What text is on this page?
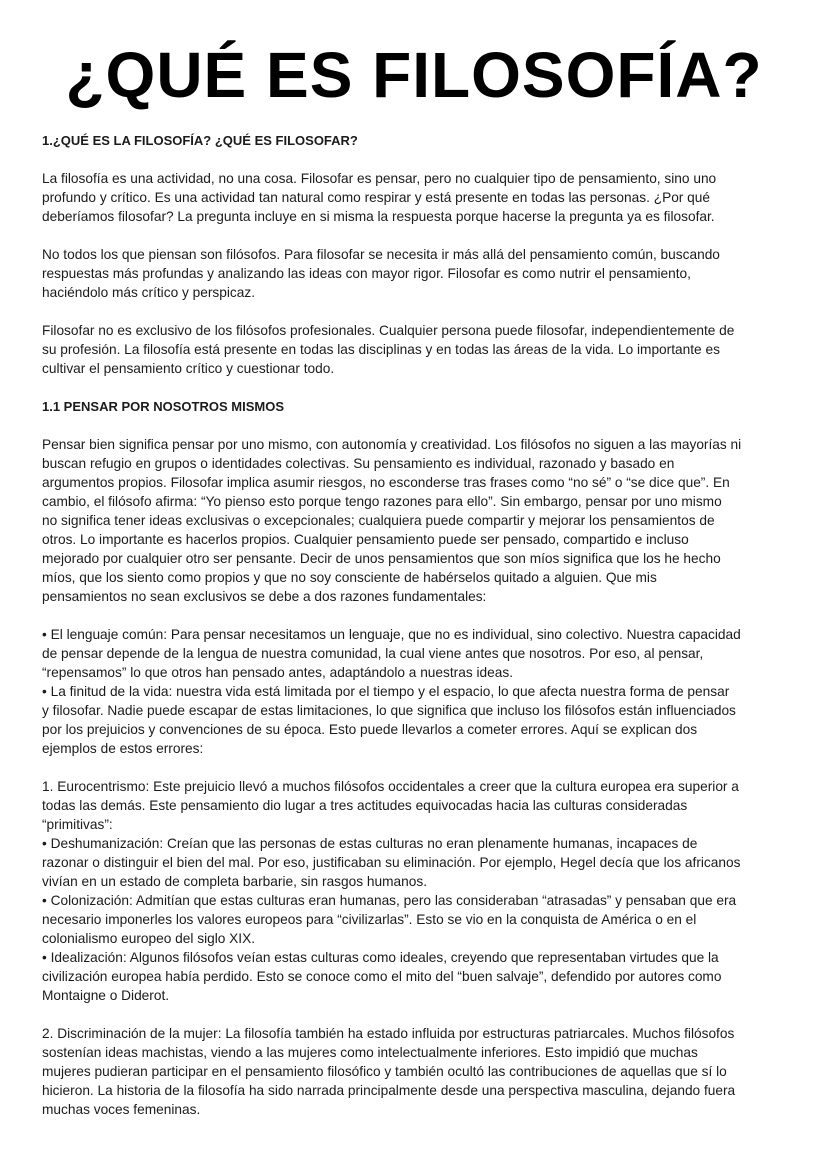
¿QUÉ ES FILOSOFÍA?
1.¿QUÉ ES LA FILOSOFÍA? ¿QUÉ ES FILOSOFAR?
La filosofía es una actividad, no una cosa. Filosofar es pensar, pero no cualquier tipo de pensamiento, sino uno
profundo y crítico. Es una actividad tan natural como respirar y está presente en todas las personas. ¿Por qué
deberíamos filosofar? La pregunta incluye en si misma la respuesta porque hacerse la pregunta ya es filosofar.
No todos los que piensan son filósofos. Para filosofar se necesita ir más allá del pensamiento común, buscando
respuestas más profundas y analizando las ideas con mayor rigor. Filosofar es como nutrir el pensamiento,
haciéndolo más crítico y perspicaz.
Filosofar no es exclusivo de los filósofos profesionales. Cualquier persona puede filosofar, independientemente de
su profesión. La filosofía está presente en todas las disciplinas y en todas las áreas de la vida. Lo importante es
cultivar el pensamiento crítico y cuestionar todo.
1.1 PENSAR POR NOSOTROS MISMOS
Pensar bien significa pensar por uno mismo, con autonomía y creatividad. Los filósofos no siguen a las mayorías ni
buscan refugio en grupos o identidades colectivas. Su pensamiento es individual, razonado y basado en
argumentos propios. Filosofar implica asumir riesgos, no esconderse tras frases como “no sé” o “se dice que”. En
cambio, el filósofo afirma: “Yo pienso esto porque tengo razones para ello”. Sin embargo, pensar por uno mismo
no significa tener ideas exclusivas o excepcionales; cualquiera puede compartir y mejorar los pensamientos de
otros. Lo importante es hacerlos propios. Cualquier pensamiento puede ser pensado, compartido e incluso
mejorado por cualquier otro ser pensante. Decir de unos pensamientos que son míos significa que los he hecho
míos, que los siento como propios y que no soy consciente de habérselos quitado a alguien. Que mis
pensamientos no sean exclusivos se debe a dos razones fundamentales:
• El lenguaje común: Para pensar necesitamos un lenguaje, que no es individual, sino colectivo. Nuestra capacidad
de pensar depende de la lengua de nuestra comunidad, la cual viene antes que nosotros. Por eso, al pensar,
“repensamos” lo que otros han pensado antes, adaptándolo a nuestras ideas.
• La finitud de la vida: nuestra vida está limitada por el tiempo y el espacio, lo que afecta nuestra forma de pensar
y filosofar. Nadie puede escapar de estas limitaciones, lo que significa que incluso los filósofos están influenciados
por los prejuicios y convenciones de su época. Esto puede llevarlos a cometer errores. Aquí se explican dos
ejemplos de estos errores:
1. Eurocentrismo: Este prejuicio llevó a muchos filósofos occidentales a creer que la cultura europea era superior a
todas las demás. Este pensamiento dio lugar a tres actitudes equivocadas hacia las culturas consideradas
“primitivas”:
• Deshumanización: Creían que las personas de estas culturas no eran plenamente humanas, incapaces de
razonar o distinguir el bien del mal. Por eso, justificaban su eliminación. Por ejemplo, Hegel decía que los africanos
vivían en un estado de completa barbarie, sin rasgos humanos.
• Colonización: Admitían que estas culturas eran humanas, pero las consideraban “atrasadas” y pensaban que era
necesario imponerles los valores europeos para “civilizarlas”. Esto se vio en la conquista de América o en el
colonialismo europeo del siglo XIX.
• Idealización: Algunos filósofos veían estas culturas como ideales, creyendo que representaban virtudes que la
civilización europea había perdido. Esto se conoce como el mito del “buen salvaje”, defendido por autores como
Montaigne o Diderot.
2. Discriminación de la mujer: La filosofía también ha estado influida por estructuras patriarcales. Muchos filósofos
sostenían ideas machistas, viendo a las mujeres como intelectualmente inferiores. Esto impidió que muchas
mujeres pudieran participar en el pensamiento filosófico y también ocultó las contribuciones de aquellas que sí lo
hicieron. La historia de la filosofía ha sido narrada principalmente desde una perspectiva masculina, dejando fuera
muchas voces femeninas.
